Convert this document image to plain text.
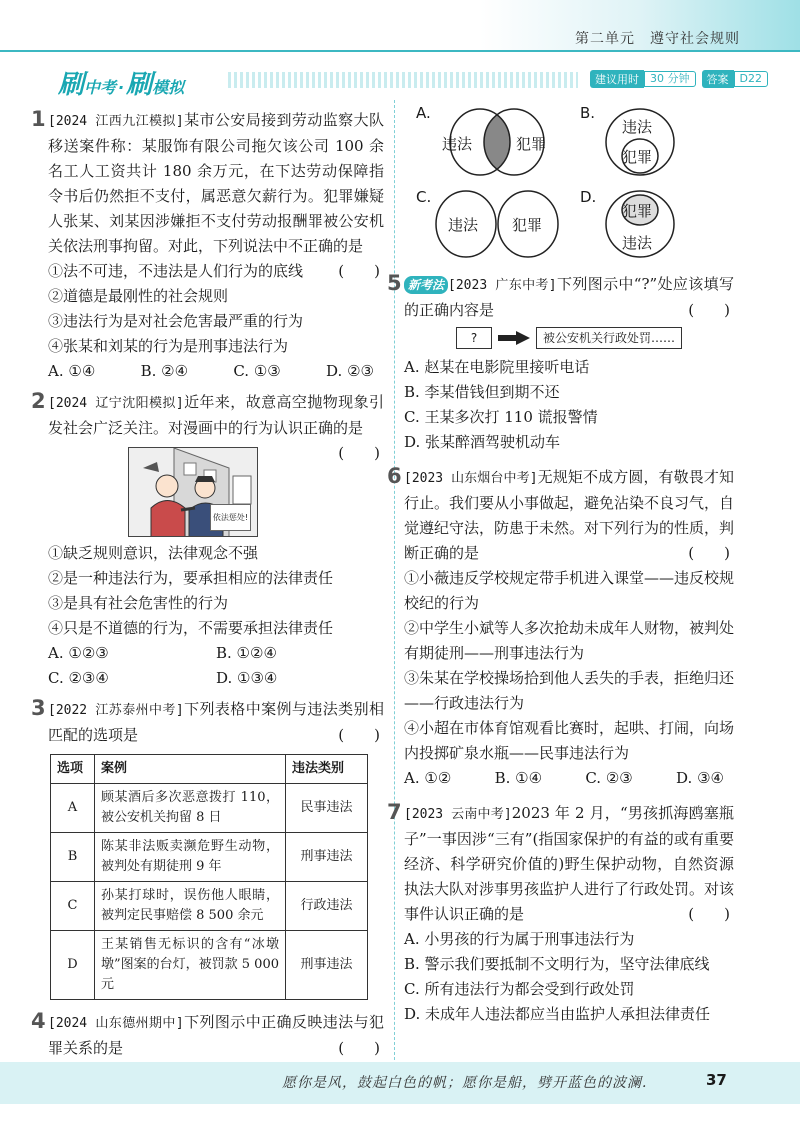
第二单元　遵守社会规则
刷 中考 · 刷 模拟	建议用时	30 分钟	答案	D22
1 [2024 江西九江模拟]某市公安局接到劳动监察大队移送案件称：某服饰有限公司拖欠该公司 100 余名工人工资共计 180 余万元，在下达劳动保障指令书后仍然拒不支付，属恶意欠薪行为。犯罪嫌疑人张某、刘某因涉嫌拒不支付劳动报酬罪被公安机关依法刑事拘留。对此，下列说法中不正确的是
(　　)
①法不可违，不违法是人们行为的底线
②道德是最刚性的社会规则
③违法行为是对社会危害最严重的行为
④张某和刘某的行为是刑事违法行为
A. ①④	B. ②④	C. ①③	D. ②③
2 [2024 辽宁沈阳模拟]近年来，故意高空抛物现象引发社会广泛关注。对漫画中的行为认识正确的是
(　　)
依法惩处!
①缺乏规则意识，法律观念不强
②是一种违法行为，要承担相应的法律责任
③是具有社会危害性的行为
④只是不道德的行为，不需要承担法律责任
A. ①②③	B. ①②④
C. ②③④	D. ①③④
3 [2022 江苏泰州中考]下列表格中案例与违法类别相匹配的选项是	(　　)
选项	案例	违法类别
A	顾某酒后多次恶意拨打 110，被公安机关拘留 8 日	民事违法
B	陈某非法贩卖濒危野生动物，被判处有期徒刑 9 年	刑事违法
C	孙某打球时，误伤他人眼睛，被判定民事赔偿 8 500 余元	行政违法
D	王某销售无标识的含有“冰墩墩”图案的台灯，被罚款 5 000 元	刑事违法
4 [2024 山东德州期中]下列图示中正确反映违法与犯罪关系的是	(　　)
A.
违法	犯罪
B.
违法
犯罪
C.
违法 犯罪
D.
犯罪
违法
5 新考法 [2023 广东中考]下列图示中“?”处应该填写的正确内容是	(　　)
?	被公安机关行政处罚……
A. 赵某在电影院里接听电话
B. 李某借钱但到期不还
C. 王某多次打 110 谎报警情
D. 张某醉酒驾驶机动车
6 [2023 山东烟台中考]无规矩不成方圆，有敬畏才知行止。我们要从小事做起，避免沾染不良习气，自觉遵纪守法，防患于未然。对下列行为的性质，判断正确的是	(　　)
①小薇违反学校规定带手机进入课堂——违反校规校纪的行为
②中学生小斌等人多次抢劫未成年人财物，被判处有期徒刑——刑事违法行为
③朱某在学校操场拾到他人丢失的手表，拒绝归还——行政违法行为
④小超在市体育馆观看比赛时，起哄、打闹，向场内投掷矿泉水瓶——民事违法行为
A. ①②	B. ①④	C. ②③	D. ③④
7 [2023 云南中考]2023 年 2 月，“男孩抓海鸥塞瓶子”一事因涉“三有”(指国家保护的有益的或有重要经济、科学研究价值的)野生保护动物，自然资源执法大队对涉事男孩监护人进行了行政处罚。对该事件认识正确的是	(　　)
A. 小男孩的行为属于刑事违法行为
B. 警示我们要抵制不文明行为，坚守法律底线
C. 所有违法行为都会受到行政处罚
D. 未成年人违法都应当由监护人承担法律责任
愿你是风，鼓起白色的帆；愿你是船，劈开蓝色的波澜.	37
